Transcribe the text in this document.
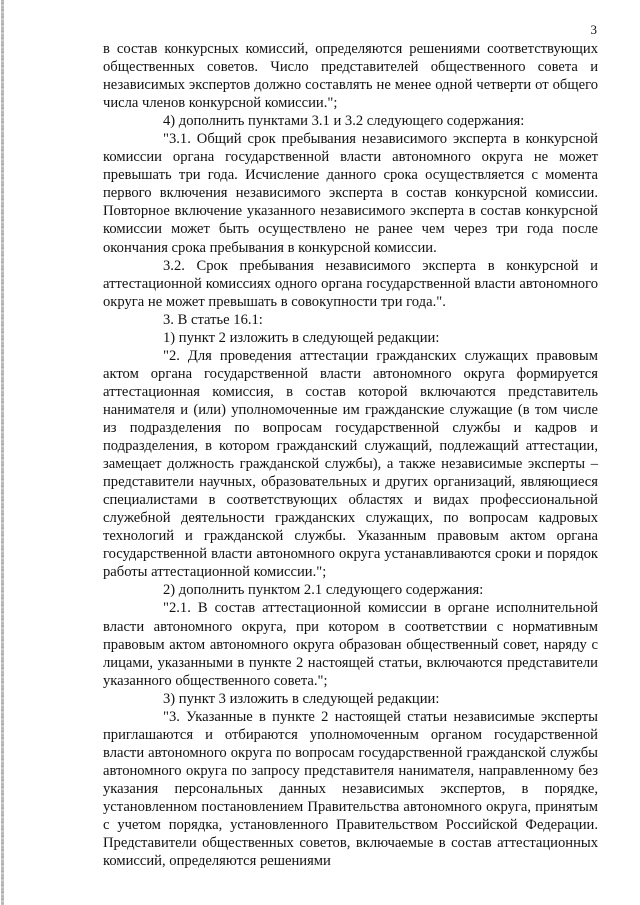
3

в состав конкурсных комиссий, определяются решениями соответствующих общественных советов. Число представителей общественного совета и независимых экспертов должно составлять не менее одной четверти от общего числа членов конкурсной комиссии.";

4) дополнить пунктами 3.1 и 3.2 следующего содержания:

"3.1. Общий срок пребывания независимого эксперта в конкурсной комиссии органа государственной власти автономного округа не может превышать три года. Исчисление данного срока осуществляется с момента первого включения независимого эксперта в состав конкурсной комиссии. Повторное включение указанного независимого эксперта в состав конкурсной комиссии может быть осуществлено не ранее чем через три года после окончания срока пребывания в конкурсной комиссии.

3.2. Срок пребывания независимого эксперта в конкурсной и аттестационной комиссиях одного органа государственной власти автономного округа не может превышать в совокупности три года.".

3. В статье 16.1:

1) пункт 2 изложить в следующей редакции:

"2. Для проведения аттестации гражданских служащих правовым актом органа государственной власти автономного округа формируется аттестационная комиссия, в состав которой включаются представитель нанимателя и (или) уполномоченные им гражданские служащие (в том числе из подразделения по вопросам государственной службы и кадров и подразделения, в котором гражданский служащий, подлежащий аттестации, замещает должность гражданской службы), а также независимые эксперты – представители научных, образовательных и других организаций, являющиеся специалистами в соответствующих областях и видах профессиональной служебной деятельности гражданских служащих, по вопросам кадровых технологий и гражданской службы. Указанным правовым актом органа государственной власти автономного округа устанавливаются сроки и порядок работы аттестационной комиссии.";

2) дополнить пунктом 2.1 следующего содержания:

"2.1. В состав аттестационной комиссии в органе исполнительной власти автономного округа, при котором в соответствии с нормативным правовым актом автономного округа образован общественный совет, наряду с лицами, указанными в пункте 2 настоящей статьи, включаются представители указанного общественного совета.";

3) пункт 3 изложить в следующей редакции:

"3. Указанные в пункте 2 настоящей статьи независимые эксперты приглашаются и отбираются уполномоченным органом государственной власти автономного округа по вопросам государственной гражданской службы автономного округа по запросу представителя нанимателя, направленному без указания персональных данных независимых экспертов, в порядке, установленном постановлением Правительства автономного округа, принятым с учетом порядка, установленного Правительством Российской Федерации. Представители общественных советов, включаемые в состав аттестационных комиссий, определяются решениями
